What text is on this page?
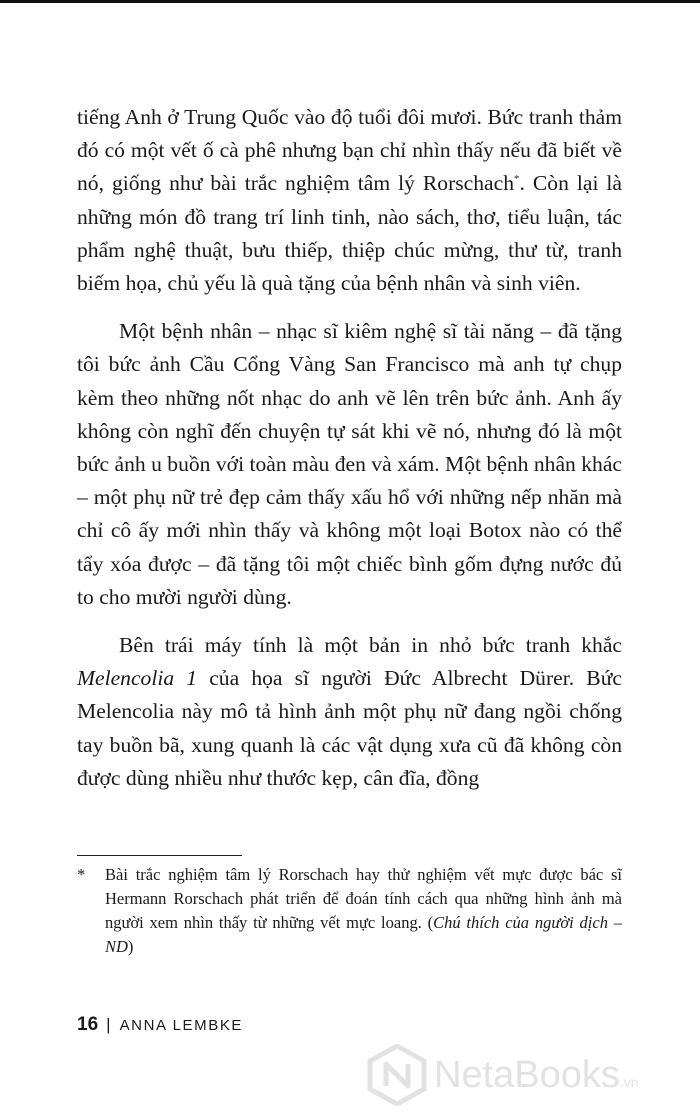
tiếng Anh ở Trung Quốc vào độ tuổi đôi mươi. Bức tranh thảm đó có một vết ố cà phê nhưng bạn chỉ nhìn thấy nếu đã biết về nó, giống như bài trắc nghiệm tâm lý Rorschach*. Còn lại là những món đồ trang trí linh tinh, nào sách, thơ, tiểu luận, tác phẩm nghệ thuật, bưu thiếp, thiệp chúc mừng, thư từ, tranh biếm họa, chủ yếu là quà tặng của bệnh nhân và sinh viên.

Một bệnh nhân – nhạc sĩ kiêm nghệ sĩ tài năng – đã tặng tôi bức ảnh Cầu Cổng Vàng San Francisco mà anh tự chụp kèm theo những nốt nhạc do anh vẽ lên trên bức ảnh. Anh ấy không còn nghĩ đến chuyện tự sát khi vẽ nó, nhưng đó là một bức ảnh u buồn với toàn màu đen và xám. Một bệnh nhân khác – một phụ nữ trẻ đẹp cảm thấy xấu hổ với những nếp nhăn mà chỉ cô ấy mới nhìn thấy và không một loại Botox nào có thể tẩy xóa được – đã tặng tôi một chiếc bình gốm đựng nước đủ to cho mười người dùng.

Bên trái máy tính là một bản in nhỏ bức tranh khắc Melencolia 1 của họa sĩ người Đức Albrecht Dürer. Bức Melencolia này mô tả hình ảnh một phụ nữ đang ngồi chống tay buồn bã, xung quanh là các vật dụng xưa cũ đã không còn được dùng nhiều như thước kẹp, cân đĩa, đồng

*	Bài trắc nghiệm tâm lý Rorschach hay thử nghiệm vết mực được bác sĩ Hermann Rorschach phát triển để đoán tính cách qua những hình ảnh mà người xem nhìn thấy từ những vết mực loang. (Chú thích của người dịch – ND)
16 | ANNA LEMBKE
NetaBooks.vn
